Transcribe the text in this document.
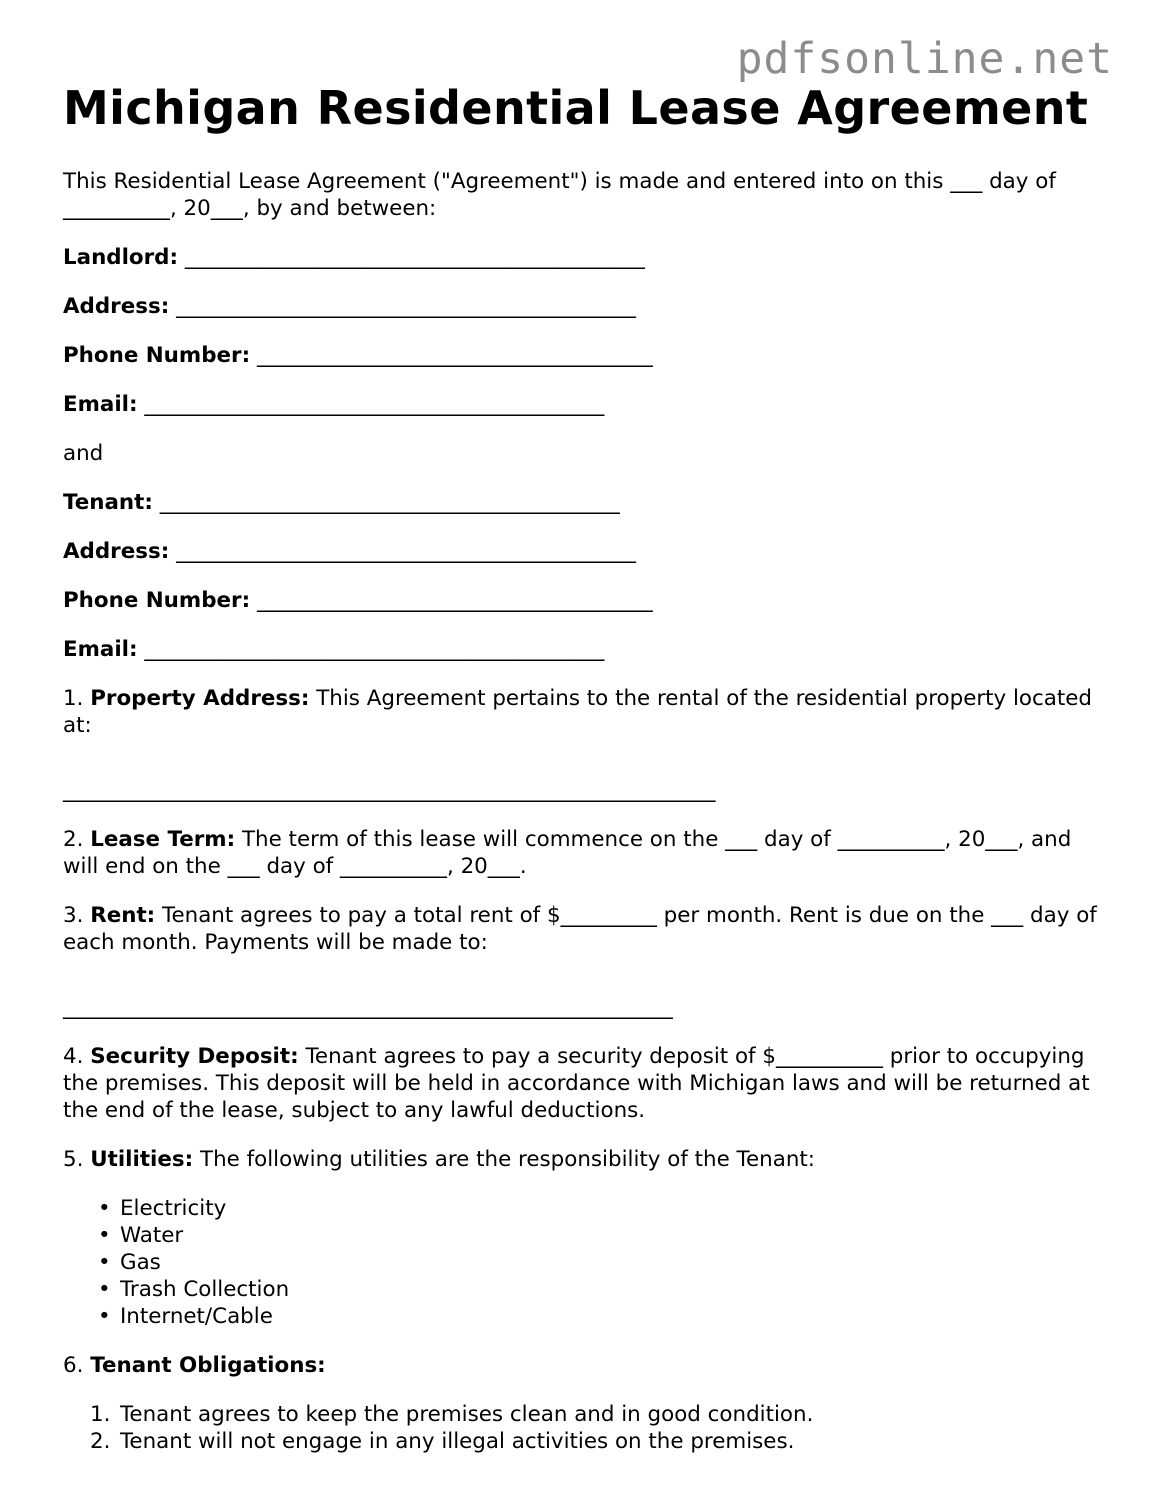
pdfsonline.net
Michigan Residential Lease Agreement

This Residential Lease Agreement ("Agreement") is made and entered into on this ___ day of __________, 20___, by and between:

Landlord: ___________________________________________

Address: ___________________________________________

Phone Number: _____________________________________

Email: ___________________________________________

and

Tenant: ___________________________________________

Address: ___________________________________________

Phone Number: _____________________________________

Email: ___________________________________________

1. Property Address: This Agreement pertains to the rental of the residential property located at:

_____________________________________________________________

2. Lease Term: The term of this lease will commence on the ___ day of __________, 20___, and will end on the ___ day of __________, 20___.

3. Rent: Tenant agrees to pay a total rent of $_________ per month. Rent is due on the ___ day of each month. Payments will be made to:

_________________________________________________________

4. Security Deposit: Tenant agrees to pay a security deposit of $__________ prior to occupying the premises. This deposit will be held in accordance with Michigan laws and will be returned at the end of the lease, subject to any lawful deductions.

5. Utilities: The following utilities are the responsibility of the Tenant:

• Electricity
• Water
• Gas
• Trash Collection
• Internet/Cable

6. Tenant Obligations:

1. Tenant agrees to keep the premises clean and in good condition.
2. Tenant will not engage in any illegal activities on the premises.
